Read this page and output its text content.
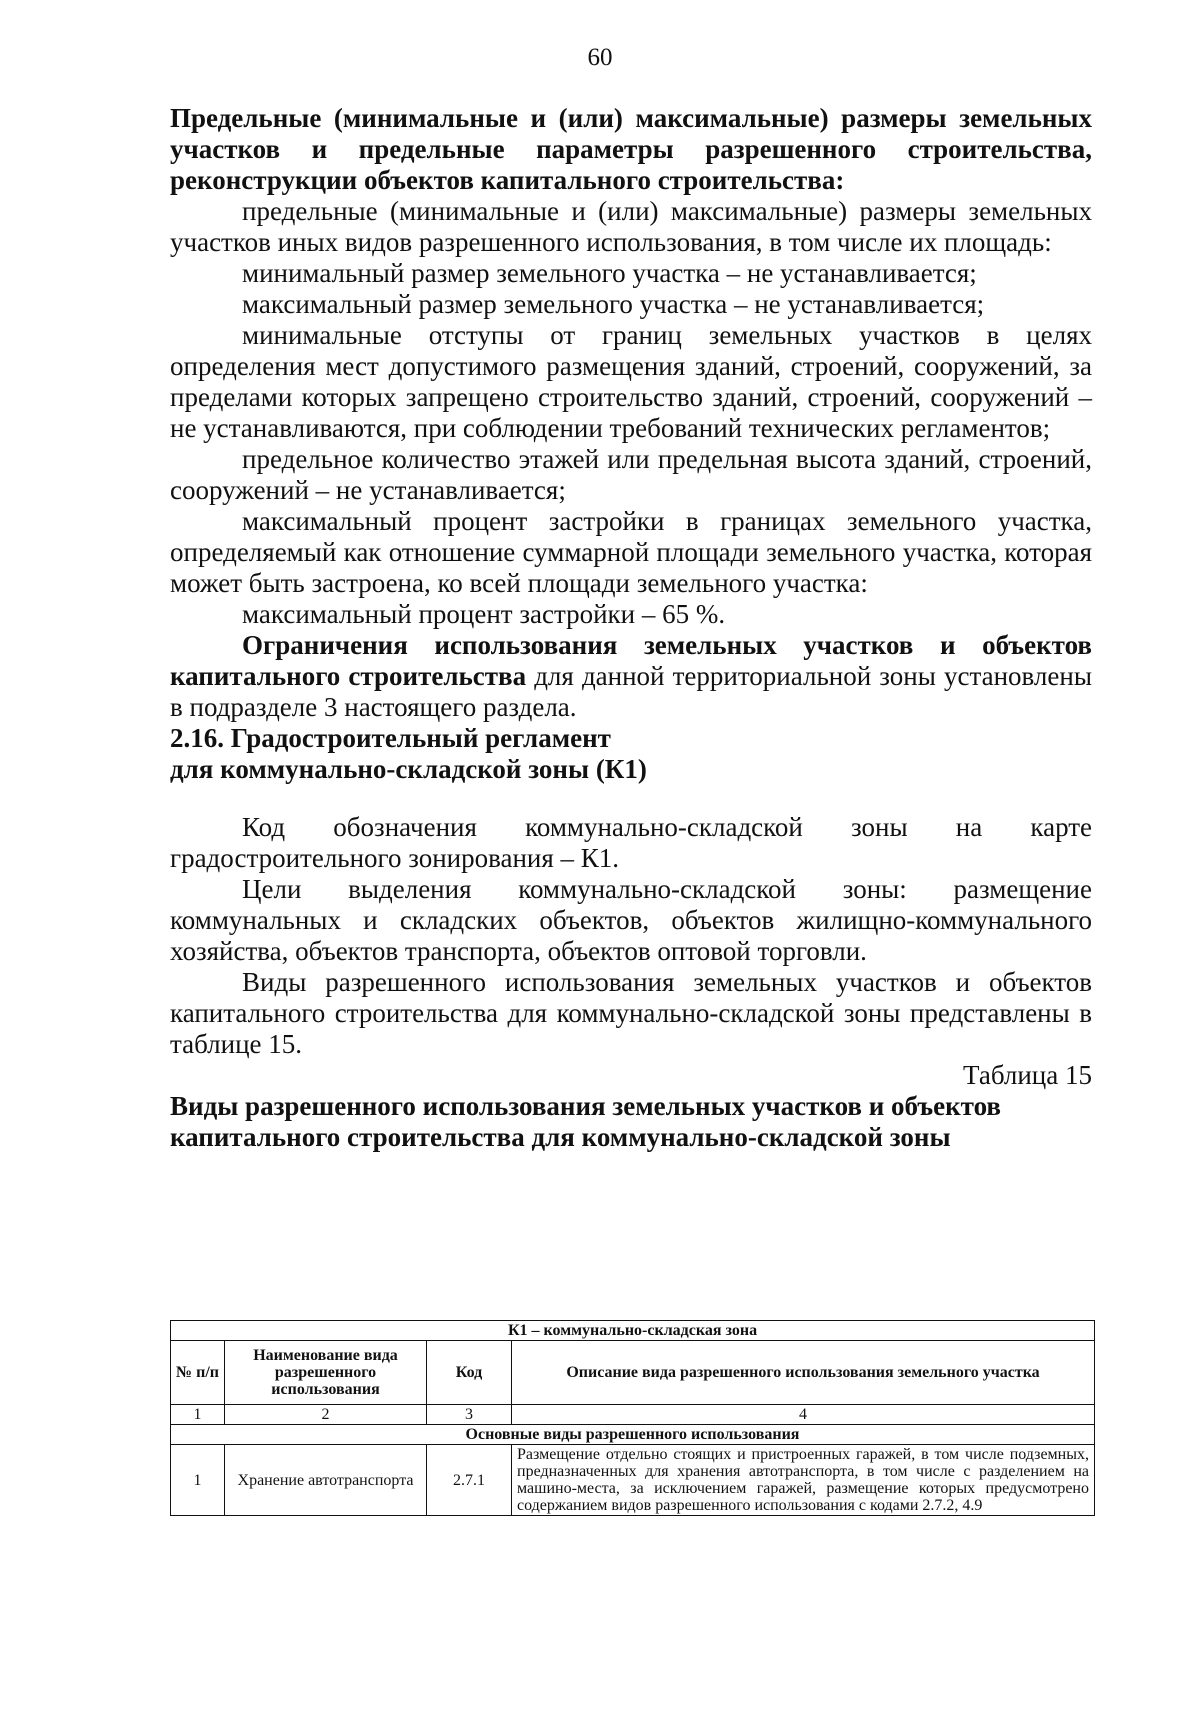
60

Предельные (минимальные и (или) максимальные) размеры земельных участков и предельные параметры разрешенного строительства, реконструкции объектов капитального строительства:

предельные (минимальные и (или) максимальные) размеры земельных участков иных видов разрешенного использования, в том числе их площадь:

минимальный размер земельного участка – не устанавливается;

максимальный размер земельного участка – не устанавливается;

минимальные отступы от границ земельных участков в целях определения мест допустимого размещения зданий, строений, сооружений, за пределами которых запрещено строительство зданий, строений, сооружений – не устанавливаются, при соблюдении требований технических регламентов;

предельное количество этажей или предельная высота зданий, строений, сооружений – не устанавливается;

максимальный процент застройки в границах земельного участка, определяемый как отношение суммарной площади земельного участка, которая может быть застроена, ко всей площади земельного участка:

максимальный процент застройки – 65 %.

Ограничения использования земельных участков и объектов капитального строительства для данной территориальной зоны установлены в подразделе 3 настоящего раздела.

2.16. Градостроительный регламент
для коммунально-складской зоны (К1)

Код обозначения коммунально-складской зоны на карте градостроительного зонирования – К1.

Цели выделения коммунально-складской зоны: размещение коммунальных и складских объектов, объектов жилищно-коммунального хозяйства, объектов транспорта, объектов оптовой торговли.

Виды разрешенного использования земельных участков и объектов капитального строительства для коммунально-складской зоны представлены в таблице 15.

Таблица 15

Виды разрешенного использования земельных участков и объектов
капитального строительства для коммунально-складской зоны

К1 – коммунально-складская зона			
№ п/п	Наименование вида разрешенного использования	Код	Описание вида разрешенного использования земельного участка
1	2	3	4
Основные виды разрешенного использования			
1	Хранение автотранспорта	2.7.1	Размещение отдельно стоящих и пристроенных гаражей, в том числе подземных, предназначенных для хранения автотранспорта, в том числе с разделением на машино-места, за исключением гаражей, размещение которых предусмотрено содержанием видов разрешенного использования с кодами 2.7.2, 4.9
